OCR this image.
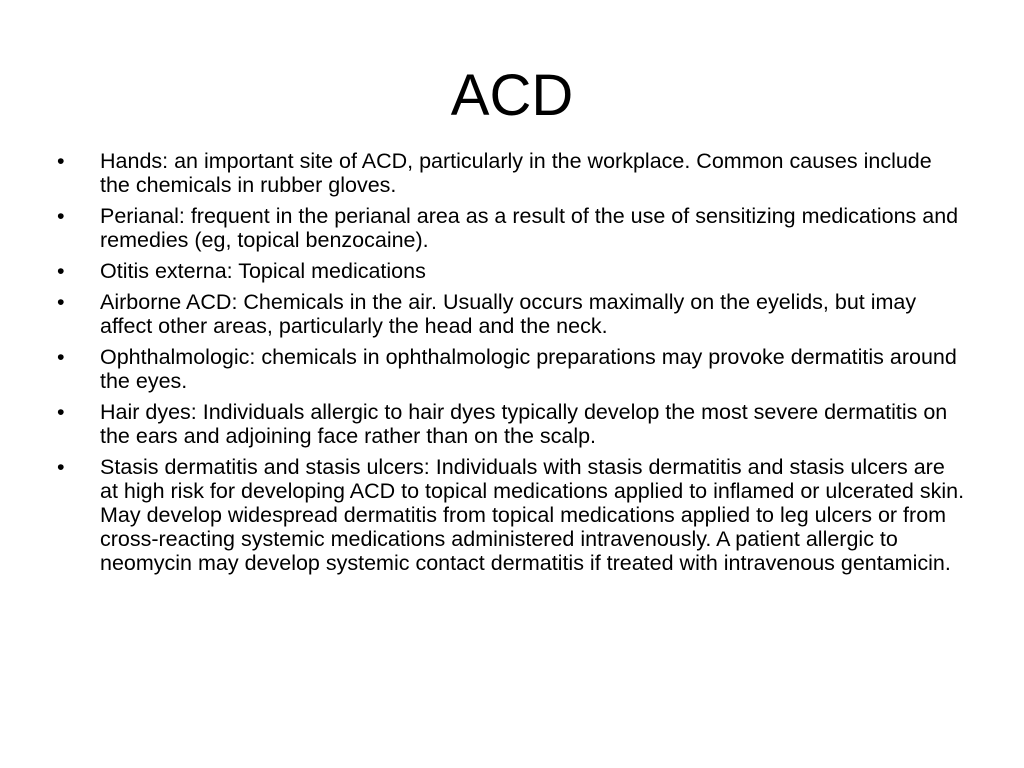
ACD
•	Hands: an important site of ACD, particularly in the workplace. Common causes include the chemicals in rubber gloves.
•	Perianal: frequent in the perianal area as a result of the use of sensitizing medications and remedies (eg, topical benzocaine).
•	Otitis externa: Topical medications
•	Airborne ACD: Chemicals in the air. Usually occurs maximally on the eyelids, but imay affect other areas, particularly the head and the neck.
•	Ophthalmologic: chemicals in ophthalmologic preparations may provoke dermatitis around the eyes.
•	Hair dyes: Individuals allergic to hair dyes typically develop the most severe dermatitis on the ears and adjoining face rather than on the scalp.
•	Stasis dermatitis and stasis ulcers: Individuals with stasis dermatitis and stasis ulcers are at high risk for developing ACD to topical medications applied to inflamed or ulcerated skin. May develop widespread dermatitis from topical medications applied to leg ulcers or from cross-reacting systemic medications administered intravenously. A patient allergic to neomycin may develop systemic contact dermatitis if treated with intravenous gentamicin.
